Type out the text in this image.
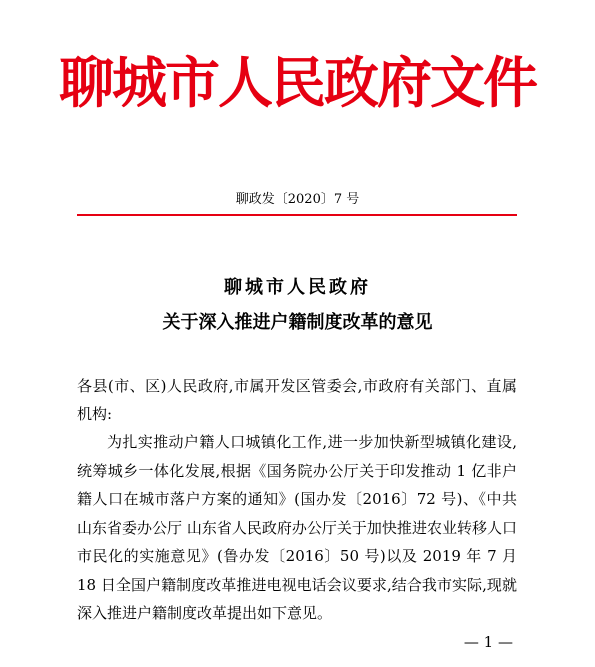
聊城市人民政府文件
聊政发〔2020〕7 号
聊城市人民政府
关于深入推进户籍制度改革的意见
各县(市、区)人民政府,市属开发区管委会,市政府有关部门、直属机构:
为扎实推动户籍人口城镇化工作,进一步加快新型城镇化建设,统筹城乡一体化发展,根据《国务院办公厅关于印发推动 1 亿非户籍人口在城市落户方案的通知》(国办发〔2016〕72 号)、《中共山东省委办公厅 山东省人民政府办公厅关于加快推进农业转移人口市民化的实施意见》(鲁办发〔2016〕50 号)以及 2019 年 7 月 18 日全国户籍制度改革推进电视电话会议要求,结合我市实际,现就深入推进户籍制度改革提出如下意见。
— 1 —
